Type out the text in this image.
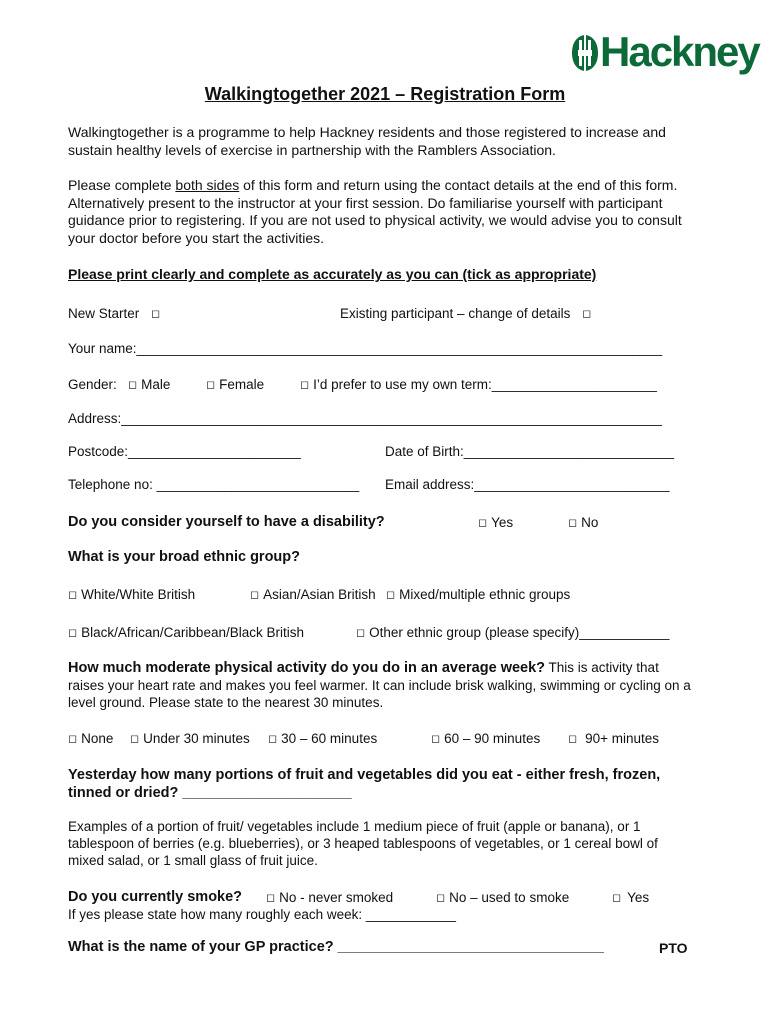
Hackney
Walkingtogether 2021 – Registration Form
Walkingtogether is a programme to help Hackney residents and those registered to increase and sustain healthy levels of exercise in partnership with the Ramblers Association.
Please complete both sides of this form and return using the contact details at the end of this form. Alternatively present to the instructor at your first session. Do familiarise yourself with participant guidance prior to registering. If you are not used to physical activity, we would advise you to consult your doctor before you start the activities.
Please print clearly and complete as accurately as you can (tick as appropriate)
New Starter ◻	Existing participant – change of details ◻
Your name:______________________________________________________________________
Gender: ◻ Male	◻ Female	◻ I’d prefer to use my own term:______________________
Address:________________________________________________________________________
Postcode:_______________________	Date of Birth:____________________________
Telephone no: ___________________________ Email address:__________________________
Do you consider yourself to have a disability?	◻ Yes	◻ No
What is your broad ethnic group?
◻ White/White British	◻ Asian/Asian British ◻ Mixed/multiple ethnic groups
◻ Black/African/Caribbean/Black British	◻ Other ethnic group (please specify)____________
How much moderate physical activity do you do in an average week? This is activity that raises your heart rate and makes you feel warmer. It can include brisk walking, swimming or cycling on a level ground. Please state to the nearest 30 minutes.
◻ None ◻ Under 30 minutes ◻ 30 – 60 minutes	◻ 60 – 90 minutes	◻ 90+ minutes
Yesterday how many portions of fruit and vegetables did you eat - either fresh, frozen, tinned or dried? _____________________
Examples of a portion of fruit/ vegetables include 1 medium piece of fruit (apple or banana), or 1 tablespoon of berries (e.g. blueberries), or 3 heaped tablespoons of vegetables, or 1 cereal bowl of mixed salad, or 1 small glass of fruit juice.
Do you currently smoke? ◻ No - never smoked	◻ No – used to smoke	◻ Yes
If yes please state how many roughly each week: ____________
What is the name of your GP practice? _________________________________	PTO
